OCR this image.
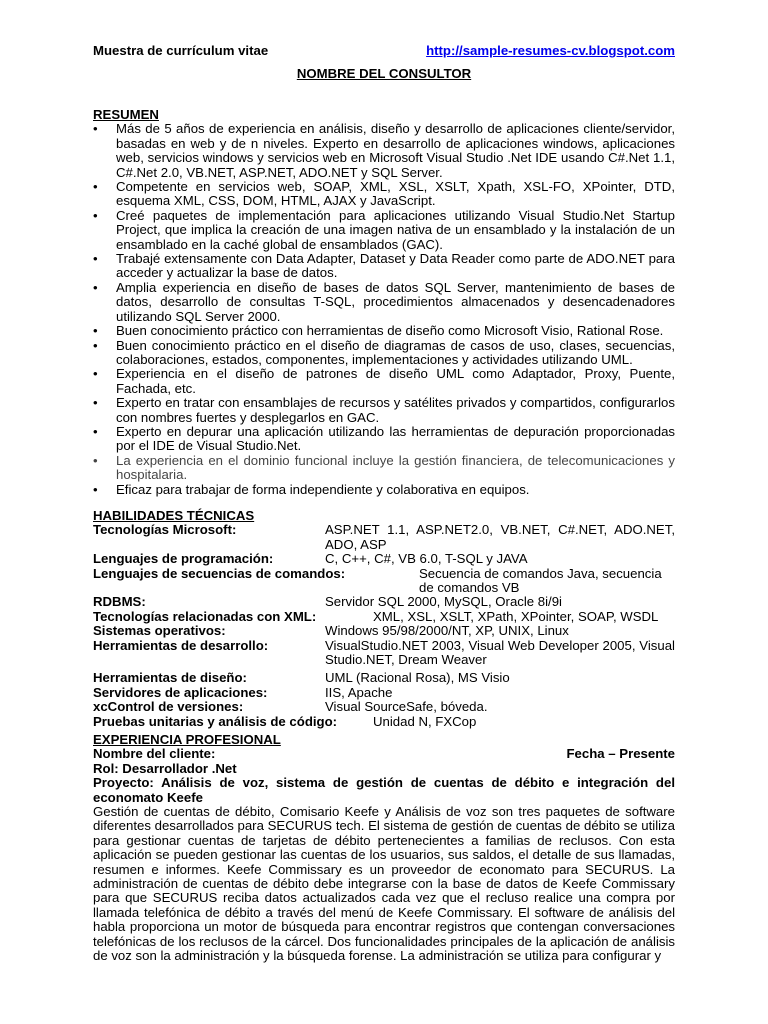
Muestra de currículum vitae	http://sample-resumes-cv.blogspot.com
NOMBRE DEL CONSULTOR

RESUMEN

• Más de 5 años de experiencia en análisis, diseño y desarrollo de aplicaciones cliente/servidor, basadas en web y de n niveles. Experto en desarrollo de aplicaciones windows, aplicaciones web, servicios windows y servicios web en Microsoft Visual Studio .Net IDE usando C#.Net 1.1, C#.Net 2.0, VB.NET, ASP.NET, ADO.NET y SQL Server.
• Competente en servicios web, SOAP, XML, XSL, XSLT, Xpath, XSL-FO, XPointer, DTD, esquema XML, CSS, DOM, HTML, AJAX y JavaScript.
• Creé paquetes de implementación para aplicaciones utilizando Visual Studio.Net Startup Project, que implica la creación de una imagen nativa de un ensamblado y la instalación de un ensamblado en la caché global de ensamblados (GAC).
• Trabajé extensamente con Data Adapter, Dataset y Data Reader como parte de ADO.NET para acceder y actualizar la base de datos.
• Amplia experiencia en diseño de bases de datos SQL Server, mantenimiento de bases de datos, desarrollo de consultas T-SQL, procedimientos almacenados y desencadenadores utilizando SQL Server 2000.
• Buen conocimiento práctico con herramientas de diseño como Microsoft Visio, Rational Rose.
• Buen conocimiento práctico en el diseño de diagramas de casos de uso, clases, secuencias, colaboraciones, estados, componentes, implementaciones y actividades utilizando UML.
• Experiencia en el diseño de patrones de diseño UML como Adaptador, Proxy, Puente, Fachada, etc.
• Experto en tratar con ensamblajes de recursos y satélites privados y compartidos, configurarlos con nombres fuertes y desplegarlos en GAC.
• Experto en depurar una aplicación utilizando las herramientas de depuración proporcionadas por el IDE de Visual Studio.Net.
• La experiencia en el dominio funcional incluye la gestión financiera, de telecomunicaciones y hospitalaria.
• Eficaz para trabajar de forma independiente y colaborativa en equipos.

HABILIDADES TÉCNICAS

Tecnologías Microsoft:	ASP.NET 1.1, ASP.NET2.0, VB.NET, C#.NET, ADO.NET, ADO, ASP
Lenguajes de programación:	C, C++, C#, VB 6.0, T-SQL y JAVA
Lenguajes de secuencias de comandos:	Secuencia de comandos Java, secuencia de comandos VB
RDBMS:	Servidor SQL 2000, MySQL, Oracle 8i/9i
Tecnologías relacionadas con XML:	XML, XSL, XSLT, XPath, XPointer, SOAP, WSDL
Sistemas operativos:	Windows 95/98/2000/NT, XP, UNIX, Linux
Herramientas de desarrollo:	VisualStudio.NET 2003, Visual Web Developer 2005, Visual Studio.NET, Dream Weaver
Herramientas de diseño:	UML (Racional Rosa), MS Visio
Servidores de aplicaciones:	IIS, Apache
xcControl de versiones:	Visual SourceSafe, bóveda.
Pruebas unitarias y análisis de código:	Unidad N, FXCop

EXPERIENCIA PROFESIONAL

Nombre del cliente:	Fecha – Presente
Rol: Desarrollador .Net
Proyecto: Análisis de voz, sistema de gestión de cuentas de débito e integración del economato Keefe
Gestión de cuentas de débito, Comisario Keefe y Análisis de voz son tres paquetes de software diferentes desarrollados para SECURUS tech. El sistema de gestión de cuentas de débito se utiliza para gestionar cuentas de tarjetas de débito pertenecientes a familias de reclusos. Con esta aplicación se pueden gestionar las cuentas de los usuarios, sus saldos, el detalle de sus llamadas, resumen e informes. Keefe Commissary es un proveedor de economato para SECURUS. La administración de cuentas de débito debe integrarse con la base de datos de Keefe Commissary para que SECURUS reciba datos actualizados cada vez que el recluso realice una compra por llamada telefónica de débito a través del menú de Keefe Commissary. El software de análisis del habla proporciona un motor de búsqueda para encontrar registros que contengan conversaciones telefónicas de los reclusos de la cárcel. Dos funcionalidades principales de la aplicación de análisis de voz son la administración y la búsqueda forense. La administración se utiliza para configurar y
